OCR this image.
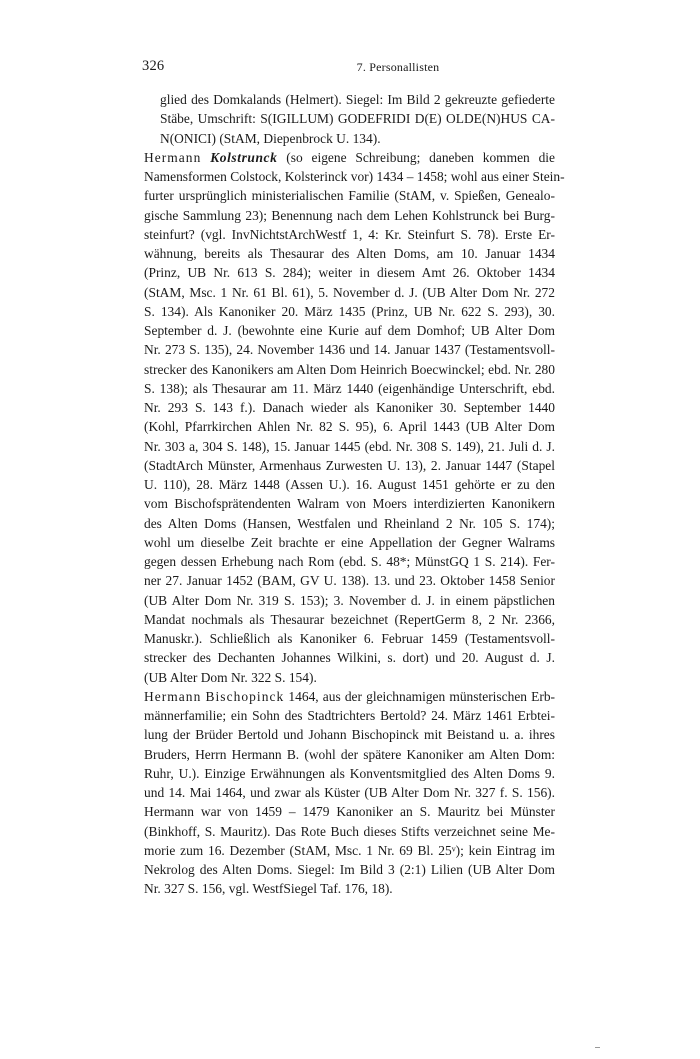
326	7. Personallisten
glied des Domkalands (Helmert). Siegel: Im Bild 2 gekreuzte gefiederte
Stäbe, Umschrift: S(IGILLUM) GODEFRIDI D(E) OLDE(N)HUS CA-
N(ONICI) (StAM, Diepenbrock U. 134).
Hermann Kolstrunck (so eigene Schreibung; daneben kommen die
Namensformen Colstock, Kolsterinck vor) 1434 – 1458; wohl aus einer Stein-
furter ursprünglich ministerialischen Familie (StAM, v. Spießen, Genealo-
gische Sammlung 23); Benennung nach dem Lehen Kohlstrunck bei Burg-
steinfurt? (vgl. InvNichtstArchWestf 1, 4: Kr. Steinfurt S. 78). Erste Er-
wähnung, bereits als Thesaurar des Alten Doms, am 10. Januar 1434
(Prinz, UB Nr. 613 S. 284); weiter in diesem Amt 26. Oktober 1434
(StAM, Msc. 1 Nr. 61 Bl. 61), 5. November d. J. (UB Alter Dom Nr. 272
S. 134). Als Kanoniker 20. März 1435 (Prinz, UB Nr. 622 S. 293), 30.
September d. J. (bewohnte eine Kurie auf dem Domhof; UB Alter Dom
Nr. 273 S. 135), 24. November 1436 und 14. Januar 1437 (Testamentsvoll-
strecker des Kanonikers am Alten Dom Heinrich Boecwinckel; ebd. Nr. 280
S. 138); als Thesaurar am 11. März 1440 (eigenhändige Unterschrift, ebd.
Nr. 293 S. 143 f.). Danach wieder als Kanoniker 30. September 1440
(Kohl, Pfarrkirchen Ahlen Nr. 82 S. 95), 6. April 1443 (UB Alter Dom
Nr. 303 a, 304 S. 148), 15. Januar 1445 (ebd. Nr. 308 S. 149), 21. Juli d. J.
(StadtArch Münster, Armenhaus Zurwesten U. 13), 2. Januar 1447 (Stapel
U. 110), 28. März 1448 (Assen U.). 16. August 1451 gehörte er zu den
vom Bischofsprätendenten Walram von Moers interdizierten Kanonikern
des Alten Doms (Hansen, Westfalen und Rheinland 2 Nr. 105 S. 174);
wohl um dieselbe Zeit brachte er eine Appellation der Gegner Walrams
gegen dessen Erhebung nach Rom (ebd. S. 48*; MünstGQ 1 S. 214). Fer-
ner 27. Januar 1452 (BAM, GV U. 138). 13. und 23. Oktober 1458 Senior
(UB Alter Dom Nr. 319 S. 153); 3. November d. J. in einem päpstlichen
Mandat nochmals als Thesaurar bezeichnet (RepertGerm 8, 2 Nr. 2366,
Manuskr.). Schließlich als Kanoniker 6. Februar 1459 (Testamentsvoll-
strecker des Dechanten Johannes Wilkini, s. dort) und 20. August d. J.
(UB Alter Dom Nr. 322 S. 154).
Hermann Bischopinck 1464, aus der gleichnamigen münsterischen Erb-
männerfamilie; ein Sohn des Stadtrichters Bertold? 24. März 1461 Erbtei-
lung der Brüder Bertold und Johann Bischopinck mit Beistand u. a. ihres
Bruders, Herrn Hermann B. (wohl der spätere Kanoniker am Alten Dom:
Ruhr, U.). Einzige Erwähnungen als Konventsmitglied des Alten Doms 9.
und 14. Mai 1464, und zwar als Küster (UB Alter Dom Nr. 327 f. S. 156).
Hermann war von 1459 – 1479 Kanoniker an S. Mauritz bei Münster
(Binkhoff, S. Mauritz). Das Rote Buch dieses Stifts verzeichnet seine Me-
morie zum 16. Dezember (StAM, Msc. 1 Nr. 69 Bl. 25ᵛ); kein Eintrag im
Nekrolog des Alten Doms. Siegel: Im Bild 3 (2:1) Lilien (UB Alter Dom
Nr. 327 S. 156, vgl. WestfSiegel Taf. 176, 18).
